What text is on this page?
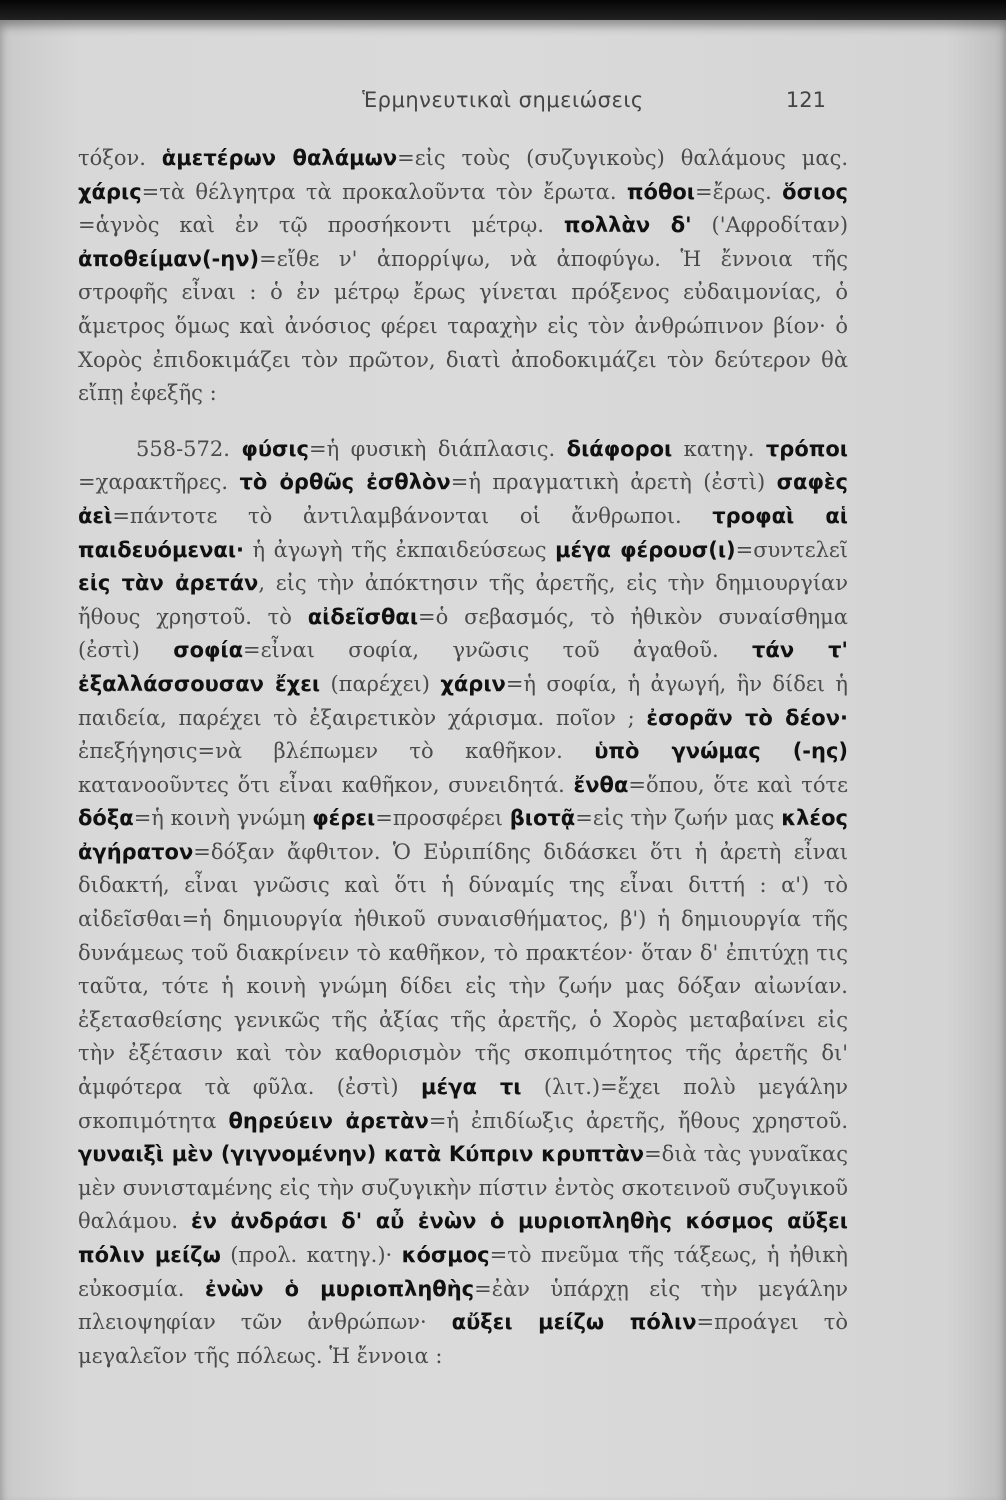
Ἑρμηνευτικαὶ σημειώσεις	121

τόξον. ἁμετέρων θαλάμων=εἰς τοὺς (συζυγικοὺς) θαλάμους μας. χάρις=τὰ θέλγητρα τὰ προκαλοῦντα τὸν ἔρωτα. πόθοι=ἔρως. ὅσιος =ἁγνὸς καὶ ἐν τῷ προσήκοντι μέτρῳ. πολλὰν δ' ('Αφροδίταν) ἀποθείμαν(-ην)=εἴθε ν' ἀπορρίψω, νὰ ἀποφύγω. Ἡ ἔννοια τῆς στροφῆς εἶναι : ὁ ἐν μέτρῳ ἔρως γίνεται πρόξενος εὐδαιμονίας, ὁ ἄμετρος ὅμως καὶ ἀνόσιος φέρει ταραχὴν εἰς τὸν ἀνθρώπινον βίον· ὁ Χορὸς ἐπιδοκιμάζει τὸν πρῶτον, διατὶ ἀποδοκιμάζει τὸν δεύτερον θὰ εἴπῃ ἐφεξῆς :

558-572. φύσις=ἡ φυσικὴ διάπλασις. διάφοροι κατηγ. τρόποι =χαρακτῆρες. τὸ ὀρθῶς ἐσθλὸν=ἡ πραγματικὴ ἀρετὴ (ἐστὶ) σαφὲς ἀεὶ=πάντοτε τὸ ἀντιλαμβάνονται οἱ ἄνθρωποι. τροφαὶ αἱ παιδευόμεναι· ἡ ἀγωγὴ τῆς ἐκπαιδεύσεως μέγα φέρουσ(ι)=συντελεῖ εἰς τὰν ἀρετάν, εἰς τὴν ἀπόκτησιν τῆς ἀρετῆς, εἰς τὴν δημιουργίαν ἤθους χρηστοῦ. τὸ αἰδεῖσθαι=ὁ σεβασμός, τὸ ἠθικὸν συναίσθημα (ἐστὶ) σοφία=εἶναι σοφία, γνῶσις τοῦ ἀγαθοῦ. τάν τ' ἐξαλλάσσουσαν ἔχει (παρέχει) χάριν=ἡ σοφία, ἡ ἀγωγή, ἣν δίδει ἡ παιδεία, παρέχει τὸ ἐξαιρετικὸν χάρισμα. ποῖον ; ἐσορᾶν τὸ δέον· ἐπεξήγησις=νὰ βλέπωμεν τὸ καθῆκον. ὑπὸ γνώμας (-ης) κατανοοῦντες ὅτι εἶναι καθῆκον, συνειδητά. ἔνθα=ὅπου, ὅτε καὶ τότε δόξα=ἡ κοινὴ γνώμη φέρει=προσφέρει βιοτᾷ=εἰς τὴν ζωήν μας κλέος ἀγήρατον=δόξαν ἄφθιτον. Ὁ Εὐριπίδης διδάσκει ὅτι ἡ ἀρετὴ εἶναι διδακτή, εἶναι γνῶσις καὶ ὅτι ἡ δύναμίς της εἶναι διττή : α') τὸ αἰδεῖσθαι=ἡ δημιουργία ἠθικοῦ συναισθήματος, β') ἡ δημιουργία τῆς δυνάμεως τοῦ διακρίνειν τὸ καθῆκον, τὸ πρακτέον· ὅταν δ' ἐπιτύχῃ τις ταῦτα, τότε ἡ κοινὴ γνώμη δίδει εἰς τὴν ζωήν μας δόξαν αἰωνίαν. ἐξετασθείσης γενικῶς τῆς ἀξίας τῆς ἀρετῆς, ὁ Χορὸς μεταβαίνει εἰς τὴν ἐξέτασιν καὶ τὸν καθορισμὸν τῆς σκοπιμότητος τῆς ἀρετῆς δι' ἀμφότερα τὰ φῦλα. (ἐστὶ) μέγα τι (λιτ.)=ἔχει πολὺ μεγάλην σκοπιμότητα θηρεύειν ἀρετὰν=ἡ ἐπιδίωξις ἀρετῆς, ἤθους χρηστοῦ. γυναιξὶ μὲν (γιγνομένην) κατὰ Κύπριν κρυπτὰν=διὰ τὰς γυναῖκας μὲν συνισταμένης εἰς τὴν συζυγικὴν πίστιν ἐντὸς σκοτεινοῦ συζυγικοῦ θαλάμου. ἐν ἀνδράσι δ' αὖ ἐνὼν ὁ μυριοπληθὴς κόσμος αὔξει πόλιν μείζω (προλ. κατηγ.)· κόσμος=τὸ πνεῦμα τῆς τάξεως, ἡ ἠθικὴ εὐκοσμία. ἐνὼν ὁ μυριοπληθὴς=ἐὰν ὑπάρχῃ εἰς τὴν μεγάλην πλειοψηφίαν τῶν ἀνθρώπων· αὔξει μείζω πόλιν=προάγει τὸ μεγαλεῖον τῆς πόλεως. Ἡ ἔννοια :
